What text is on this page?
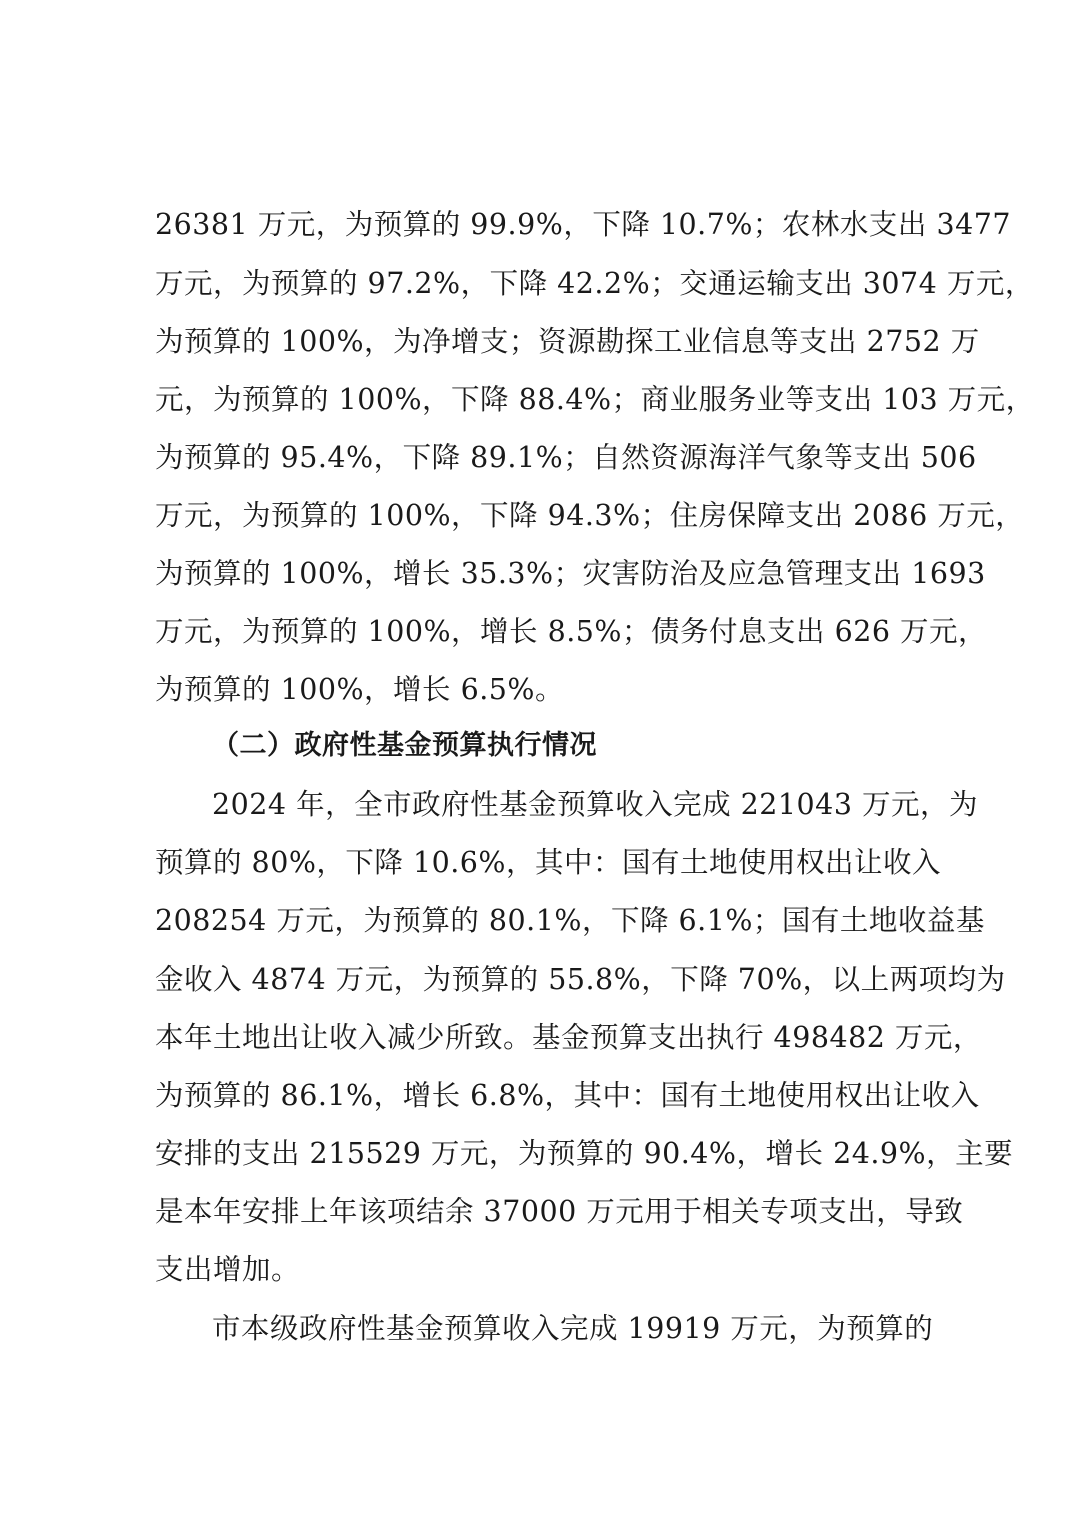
26381 万元，为预算的 99.9%，下降 10.7%；农林水支出 3477
万元，为预算的 97.2%，下降 42.2%；交通运输支出 3074 万元，
为预算的 100%，为净增支；资源勘探工业信息等支出 2752 万
元，为预算的 100%，下降 88.4%；商业服务业等支出 103 万元，
为预算的 95.4%，下降 89.1%；自然资源海洋气象等支出 506
万元，为预算的 100%，下降 94.3%；住房保障支出 2086 万元，
为预算的 100%，增长 35.3%；灾害防治及应急管理支出 1693
万元，为预算的 100%，增长 8.5%；债务付息支出 626 万元，
为预算的 100%，增长 6.5%。
（二）政府性基金预算执行情况
2024 年，全市政府性基金预算收入完成 221043 万元，为
预算的 80%，下降 10.6%，其中：国有土地使用权出让收入
208254 万元，为预算的 80.1%，下降 6.1%；国有土地收益基
金收入 4874 万元，为预算的 55.8%，下降 70%，以上两项均为
本年土地出让收入减少所致。基金预算支出执行 498482 万元，
为预算的 86.1%，增长 6.8%，其中：国有土地使用权出让收入
安排的支出 215529 万元，为预算的 90.4%，增长 24.9%，主要
是本年安排上年该项结余 37000 万元用于相关专项支出，导致
支出增加。
市本级政府性基金预算收入完成 19919 万元，为预算的
